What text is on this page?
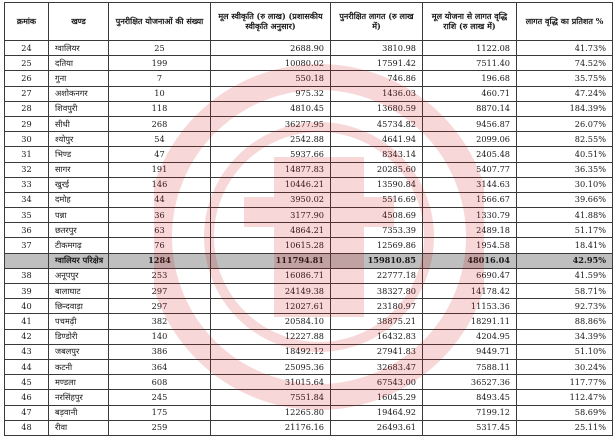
क्रमांक	खण्ड	पुनरीक्षित योजनाओं की संख्या	मूल स्वीकृति (रु लाख) (प्रशासकीय स्वीकृति अनुसार)	पुनरीक्षित लागत (रु लाख में)	मूल योजना से लागत वृद्धि राशि (रु लाख में)	लागत वृद्धि का प्रतिशत %
24	ग्वालियर	25	2688.90	3810.98	1122.08	41.73%
25	दतिया	199	10080.02	17591.42	7511.40	74.52%
26	गुना	7	550.18	746.86	196.68	35.75%
27	अशोकनगर	10	975.32	1436.03	460.71	47.24%
28	शिवपुरी	118	4810.45	13680.59	8870.14	184.39%
29	सीधी	268	36277.95	45734.82	9456.87	26.07%
30	श्योपुर	54	2542.88	4641.94	2099.06	82.55%
31	भिण्ड	47	5937.66	8343.14	2405.48	40.51%
32	सागर	191	14877.83	20285.60	5407.77	36.35%
33	खुरई	146	10446.21	13590.84	3144.63	30.10%
34	दमोह	44	3950.02	5516.69	1566.67	39.66%
35	पन्ना	36	3177.90	4508.69	1330.79	41.88%
36	छतरपुर	63	4864.21	7353.39	2489.18	51.17%
37	टीकमगढ़	76	10615.28	12569.86	1954.58	18.41%
	ग्वालियर परिक्षेत्र	1284	111794.81	159810.85	48016.04	42.95%
38	अनूपपुर	253	16086.71	22777.18	6690.47	41.59%
39	बालाघाट	297	24149.38	38327.80	14178.42	58.71%
40	छिन्दवाड़ा	297	12027.61	23180.97	11153.36	92.73%
41	पचमढ़ी	382	20584.10	38875.21	18291.11	88.86%
42	डिण्डोरी	140	12227.88	16432.83	4204.95	34.39%
43	जबलपुर	386	18492.12	27941.83	9449.71	51.10%
44	कटनी	364	25095.36	32683.47	7588.11	30.24%
45	मण्डला	608	31015.64	67543.00	36527.36	117.77%
46	नरसिंहपुर	245	7551.84	16045.29	8493.45	112.47%
47	बड़वानी	175	12265.80	19464.92	7199.12	58.69%
48	रीवा	259	21176.16	26493.61	5317.45	25.11%
